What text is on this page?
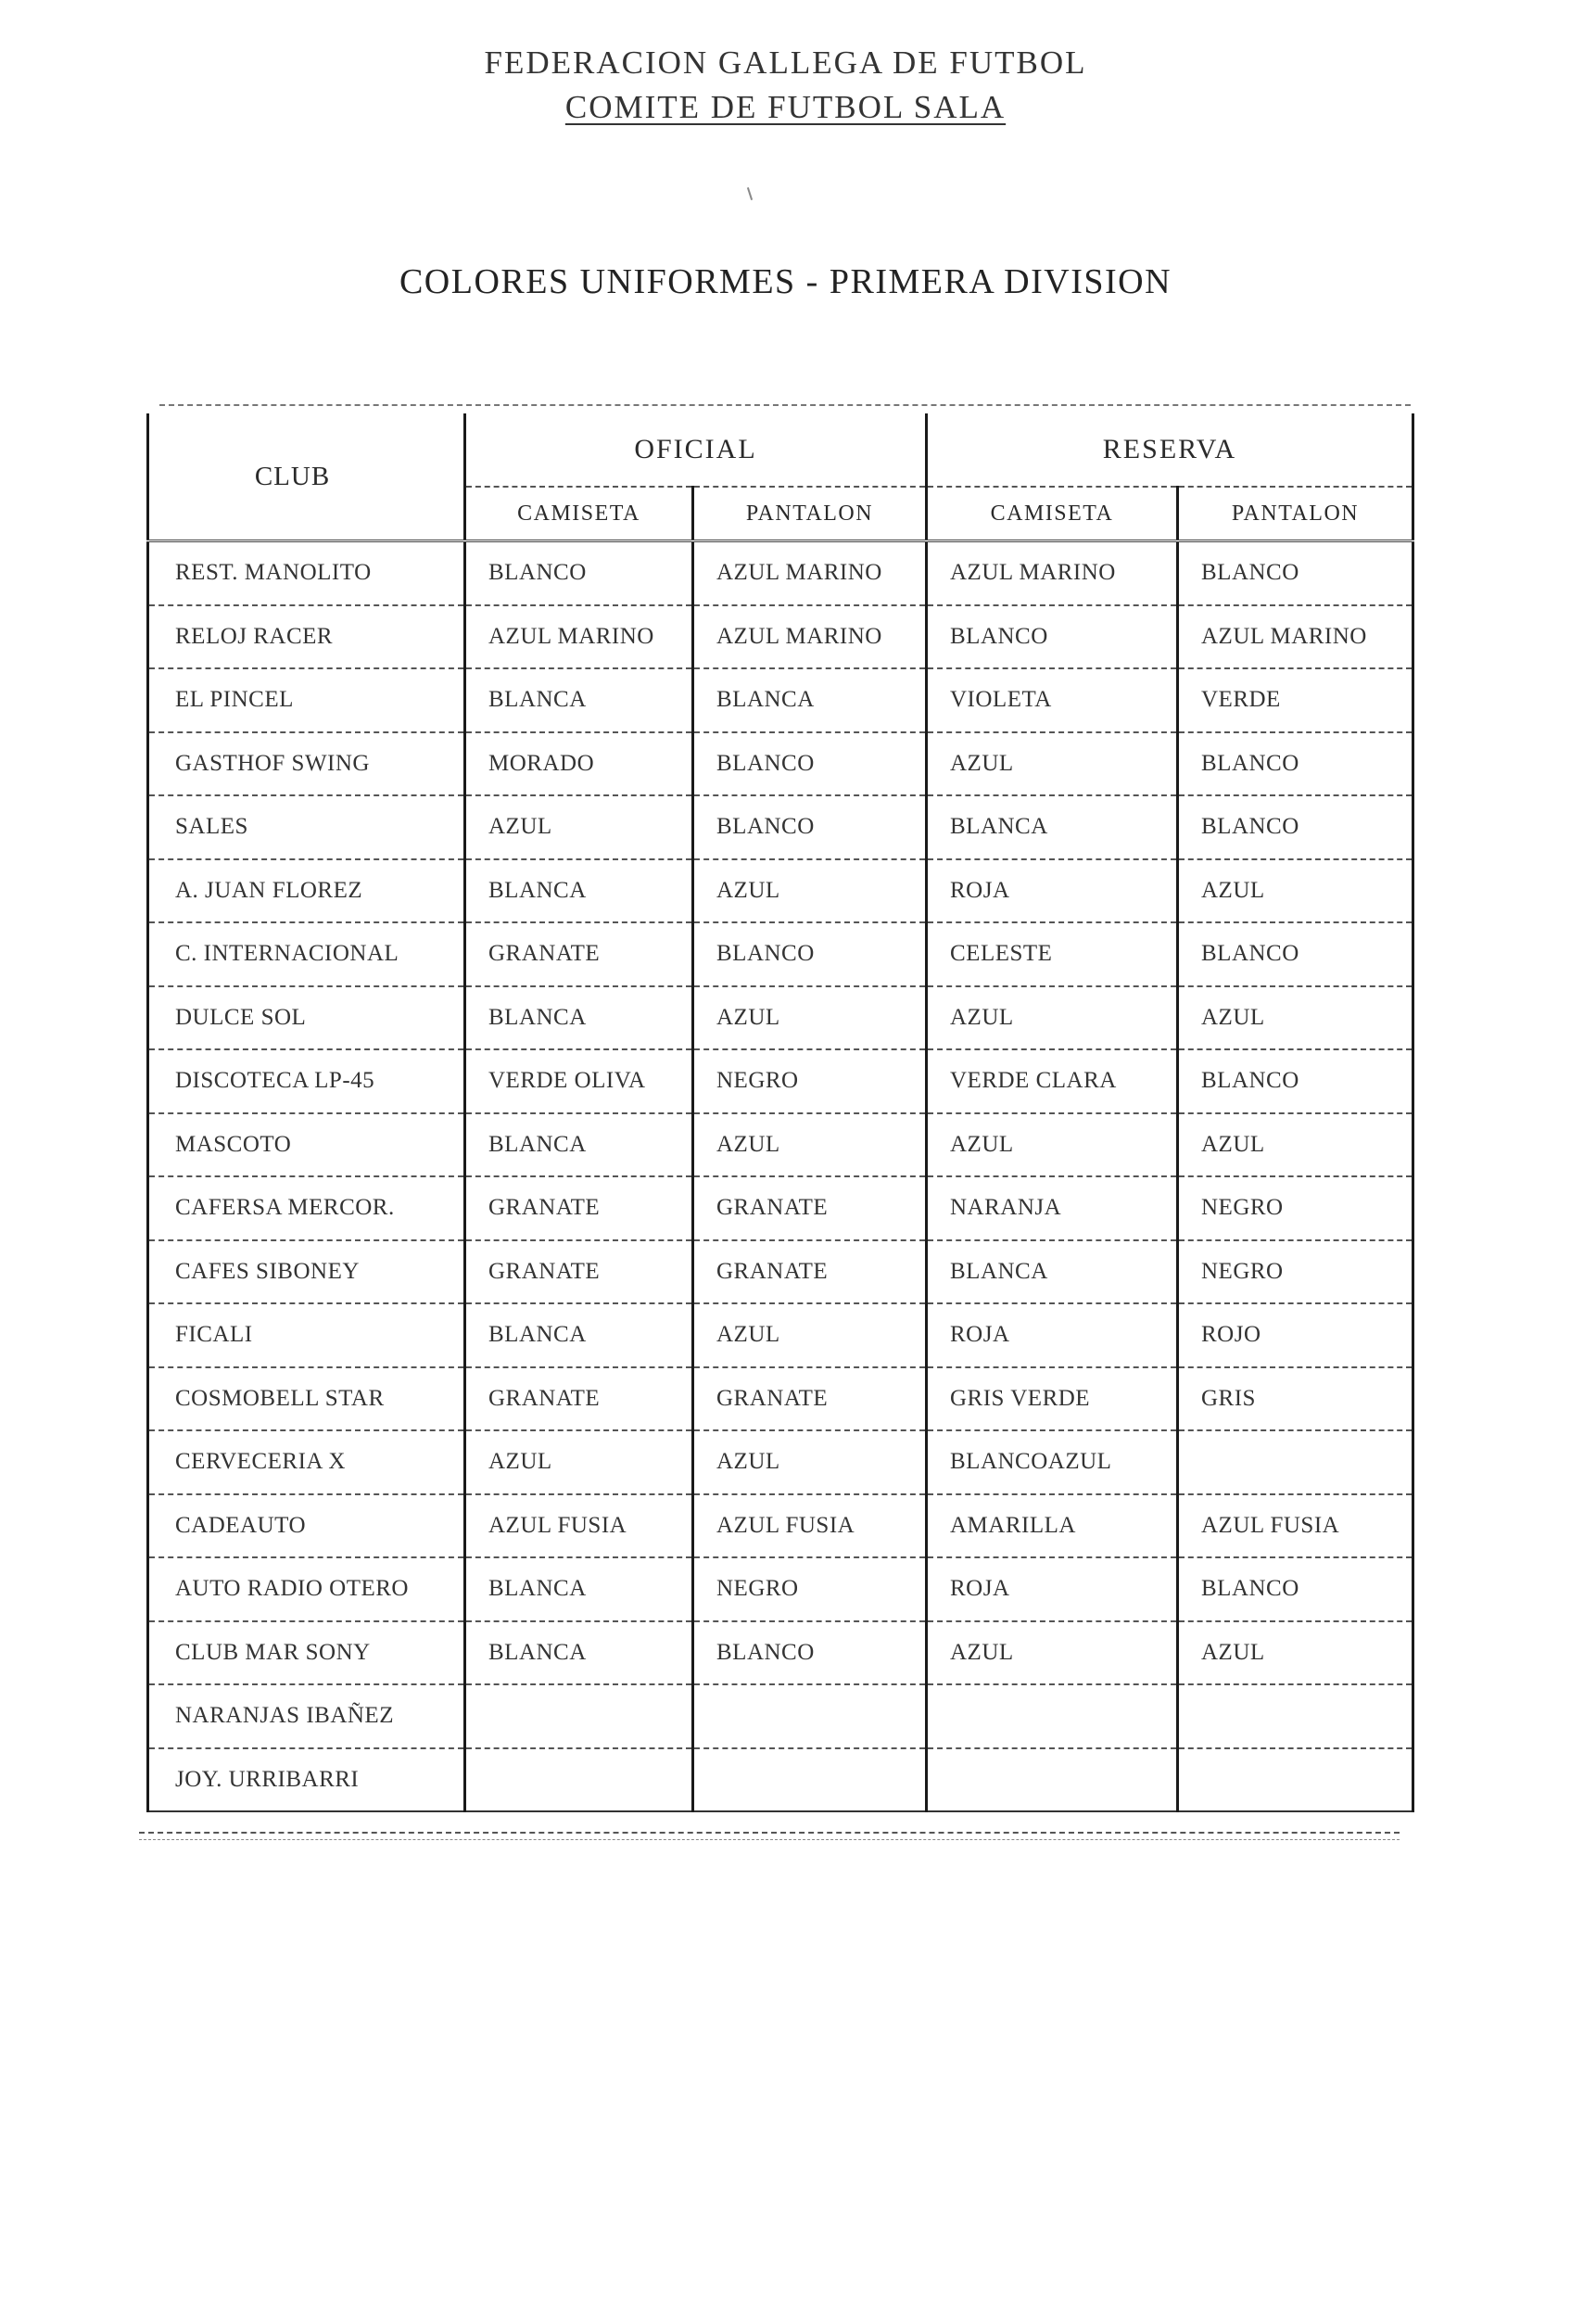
FEDERACION GALLEGA DE FUTBOL
COMITE DE FUTBOL SALA
COLORES UNIFORMES - PRIMERA DIVISION
CLUB	OFICIAL		RESERVA	
	CAMISETA	PANTALON	CAMISETA	PANTALON
REST. MANOLITO	BLANCO	AZUL MARINO	AZUL MARINO	BLANCO
RELOJ RACER	AZUL MARINO	AZUL MARINO	BLANCO	AZUL MARINO
EL PINCEL	BLANCA	BLANCA	VIOLETA	VERDE
GASTHOF SWING	MORADO	BLANCO	AZUL	BLANCO
SALES	AZUL	BLANCO	BLANCA	BLANCO
A. JUAN FLOREZ	BLANCA	AZUL	ROJA	AZUL
C. INTERNACIONAL	GRANATE	BLANCO	CELESTE	BLANCO
DULCE SOL	BLANCA	AZUL	AZUL	AZUL
DISCOTECA LP-45	VERDE OLIVA	NEGRO	VERDE CLARA	BLANCO
MASCOTO	BLANCA	AZUL	AZUL	AZUL
CAFERSA MERCOR.	GRANATE	GRANATE	NARANJA	NEGRO
CAFES SIBONEY	GRANATE	GRANATE	BLANCA	NEGRO
FICALI	BLANCA	AZUL	ROJA	ROJO
COSMOBELL STAR	GRANATE	GRANATE	GRIS VERDE	GRIS
CERVECERIA X	AZUL	AZUL	BLANCOAZUL	
CADEAUTO	AZUL FUSIA	AZUL FUSIA	AMARILLA	AZUL FUSIA
AUTO RADIO OTERO	BLANCA	NEGRO	ROJA	BLANCO
CLUB MAR SONY	BLANCA	BLANCO	AZUL	AZUL
NARANJAS IBAÑEZ				
JOY. URRIBARRI				
